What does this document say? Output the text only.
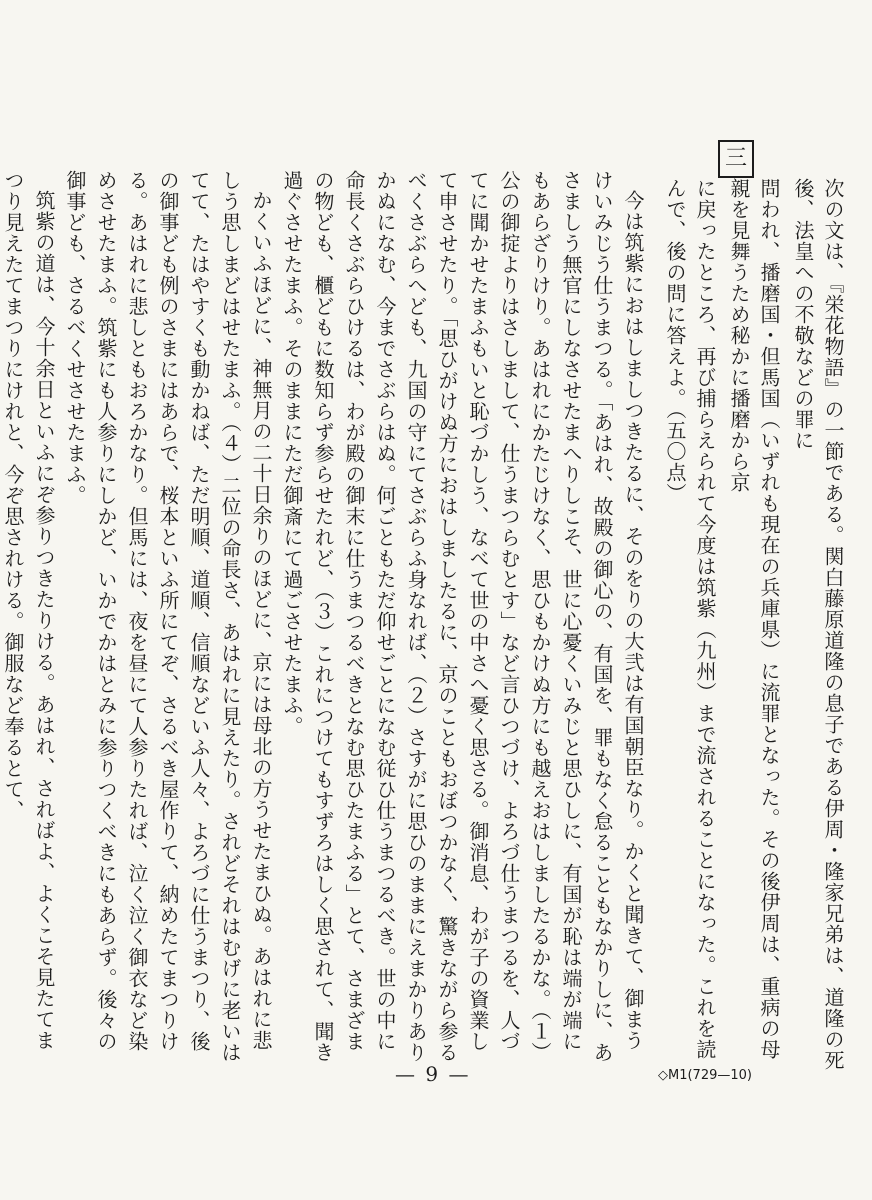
三

次の文は、『栄花物語』の一節である。関白藤原道隆の息子である伊周・隆家兄弟は、道隆の死後、法皇への不敬などの罪に

問われ、播磨国・但馬国（いずれも現在の兵庫県）に流罪となった。その後伊周は、重病の母親を見舞うため秘かに播磨から京

に戻ったところ、再び捕らえられて今度は筑紫（九州）まで流されることになった。これを読んで、後の問に答えよ。（五〇点）

今は筑紫におはしましつきたるに、そのをりの大弐は有国朝臣なり。かくと聞きて、御まうけいみじう仕うまつる。「あはれ、故殿の御心の、有国を、罪もなく怠ることもなかりしに、あさましう無官にしなさせたまへりしこそ、世に心憂くいみじと思ひしに、有国が恥は端が端にもあらざりけり。あはれにかたじけなく、思ひもかけぬ方にも越えおはしましたるかな。（１）公の御掟よりはさしまして、仕うまつらむとす」など言ひつづけ、よろづ仕うまつるを、人づてに聞かせたまふもいと恥づかしう、なべて世の中さへ憂く思さる。御消息、わが子の資業して申させたり。「思ひがけぬ方におはしましたるに、京のこともおぼつかなく、驚きながら参るべくさぶらへども、九国の守にてさぶらふ身なれば、（２）さすがに思ひのままにえまかりありかぬになむ、今までさぶらはぬ。何ごともただ仰せごとになむ従ひ仕うまつるべき。世の中に命長くさぶらひけるは、わが殿の御末に仕うまつるべきとなむ思ひたまふる」とて、さまざまの物ども、櫃どもに数知らず参らせたれど、（３）これにつけてもすずろはしく思されて、聞き過ぐさせたまふ。そのままにただ御斎にて過ごさせたまふ。

かくいふほどに、神無月の二十日余りのほどに、京には母北の方うせたまひぬ。あはれに悲しう思しまどはせたまふ。（４）二位の命長さ、あはれに見えたり。されどそれはむげに老いはてて、たはやすくも動かねば、ただ明順、道順、信順などいふ人々、よろづに仕うまつり、後の御事ども例のさまにはあらで、桜本といふ所にてぞ、さるべき屋作りて、納めたてまつりける。あはれに悲しともおろかなり。但馬には、夜を昼にて人参りたれば、泣く泣く御衣など染めさせたまふ。筑紫にも人参りにしかど、いかでかはとみに参りつくべきにもあらず。後々の御事ども、さるべくせさせたまふ。

筑紫の道は、今十余日といふにぞ参りつきたりける。あはれ、さればよ、よくこそ見たてまつり見えたてまつりにけれと、今ぞ思されける。御服など奉るとて、

— 9 —	◇M1(729—10)
